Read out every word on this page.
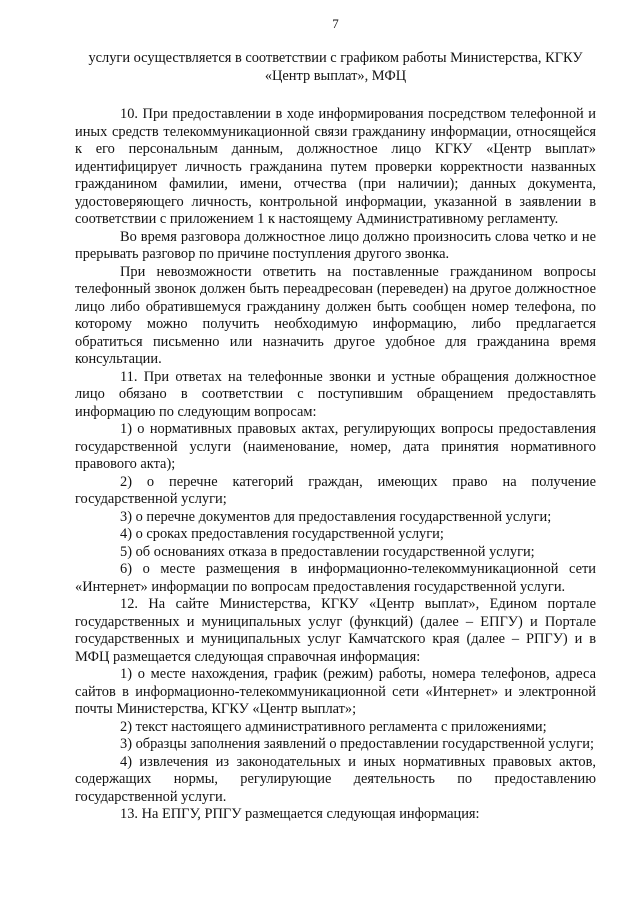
7
услуги осуществляется в соответствии с графиком работы Министерства, КГКУ «Центр выплат», МФЦ

10. При предоставлении в ходе информирования посредством телефонной и иных средств телекоммуникационной связи гражданину информации, относящейся к его персональным данным, должностное лицо КГКУ «Центр выплат» идентифицирует личность гражданина путем проверки корректности названных гражданином фамилии, имени, отчества (при наличии); данных документа, удостоверяющего личность, контрольной информации, указанной в заявлении в соответствии с приложением 1 к настоящему Административному регламенту.

Во время разговора должностное лицо должно произносить слова четко и не прерывать разговор по причине поступления другого звонка.

При невозможности ответить на поставленные гражданином вопросы телефонный звонок должен быть переадресован (переведен) на другое должностное лицо либо обратившемуся гражданину должен быть сообщен номер телефона, по которому можно получить необходимую информацию, либо предлагается обратиться письменно или назначить другое удобное для гражданина время консультации.

11. При ответах на телефонные звонки и устные обращения должностное лицо обязано в соответствии с поступившим обращением предоставлять информацию по следующим вопросам:

1) о нормативных правовых актах, регулирующих вопросы предоставления государственной услуги (наименование, номер, дата принятия нормативного правового акта);

2) о перечне категорий граждан, имеющих право на получение государственной услуги;

3) о перечне документов для предоставления государственной услуги;

4) о сроках предоставления государственной услуги;

5) об основаниях отказа в предоставлении государственной услуги;

6) о месте размещения в информационно-телекоммуникационной сети «Интернет» информации по вопросам предоставления государственной услуги.

12. На сайте Министерства, КГКУ «Центр выплат», Едином портале государственных и муниципальных услуг (функций) (далее – ЕПГУ) и Портале государственных и муниципальных услуг Камчатского края (далее – РПГУ) и в МФЦ размещается следующая справочная информация:

1) о месте нахождения, график (режим) работы, номера телефонов, адреса сайтов в информационно-телекоммуникационной сети «Интернет» и электронной почты Министерства, КГКУ «Центр выплат»;

2) текст настоящего административного регламента с приложениями;

3) образцы заполнения заявлений о предоставлении государственной услуги;

4) извлечения из законодательных и иных нормативных правовых актов, содержащих нормы, регулирующие деятельность по предоставлению государственной услуги.

13. На ЕПГУ, РПГУ размещается следующая информация:
